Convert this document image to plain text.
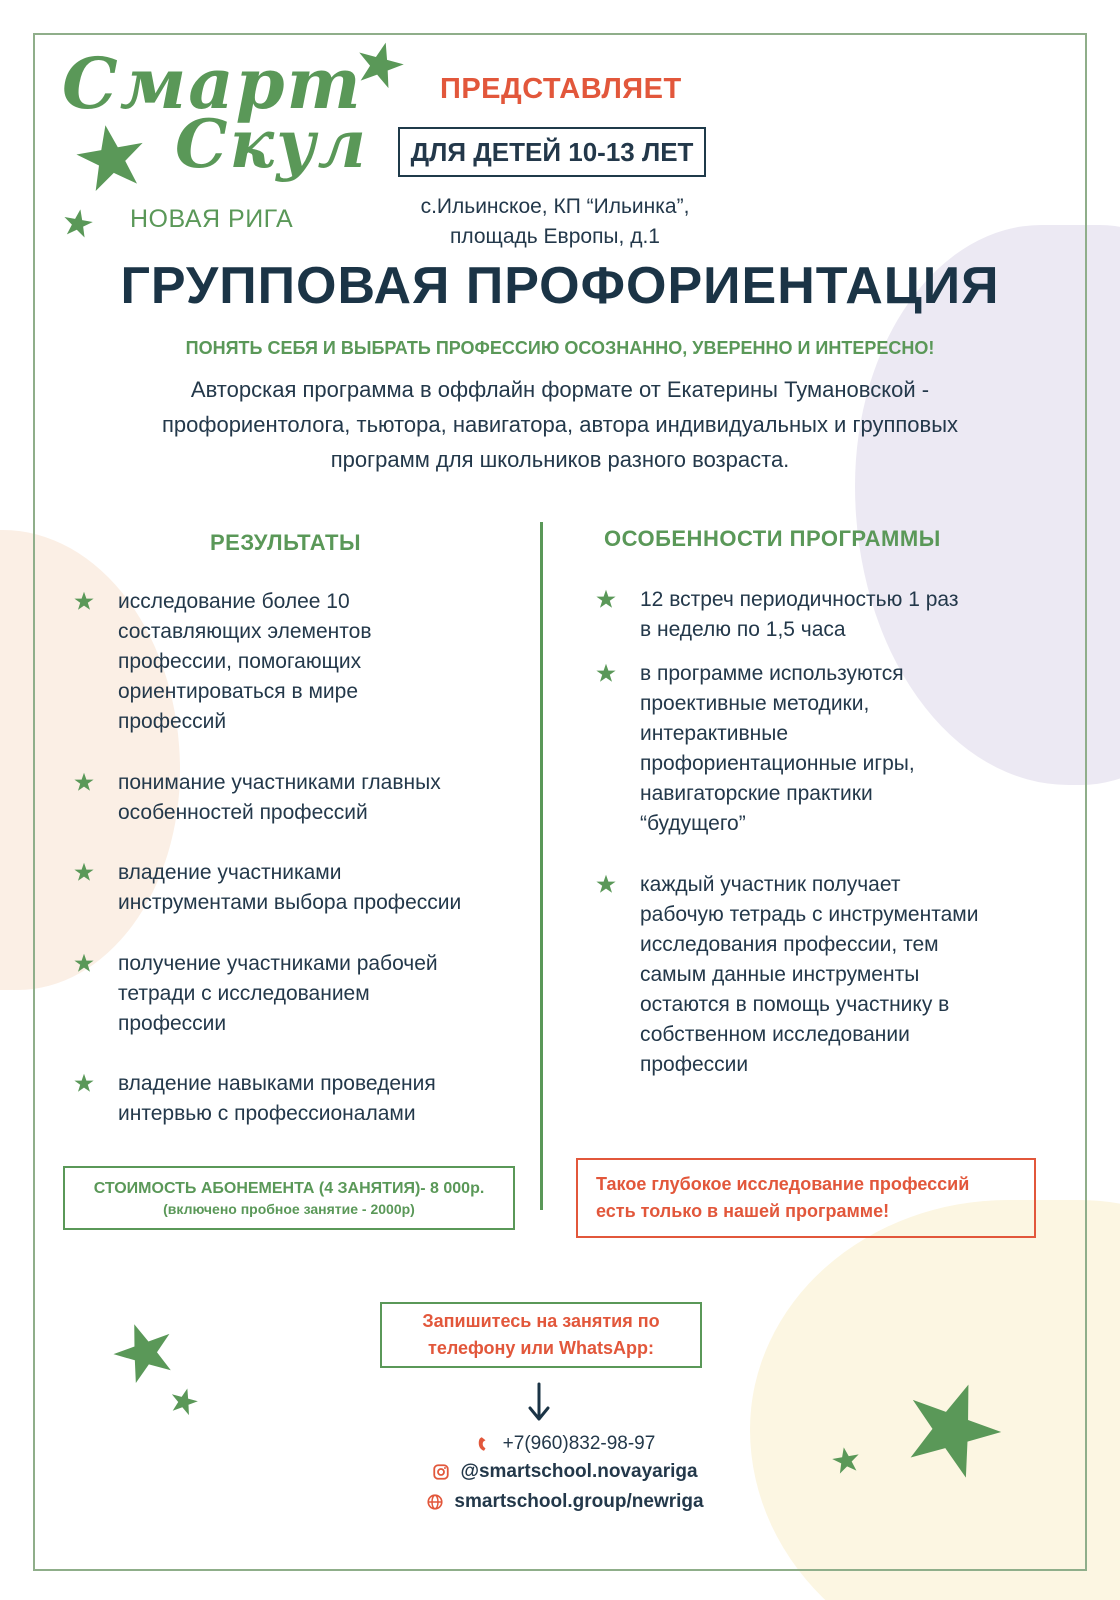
Смарт
Скул
НОВАЯ РИГА
ПРЕДСТАВЛЯЕТ
ДЛЯ ДЕТЕЙ 10-13 ЛЕТ
с.Ильинское, КП “Ильинка”,
площадь Европы, д.1
ГРУППОВАЯ ПРОФОРИЕНТАЦИЯ
ПОНЯТЬ СЕБЯ И ВЫБРАТЬ ПРОФЕССИЮ ОСОЗНАННО, УВЕРЕННО И ИНТЕРЕСНО!
Авторская программа в оффлайн формате от Екатерины Тумановской -
профориентолога, тьютора, навигатора, автора индивидуальных и групповых
программ для школьников разного возраста.
РЕЗУЛЬТАТЫ	ОСОБЕННОСТИ ПРОГРАММЫ
исследование более 10
составляющих элементов
профессии, помогающих
ориентироваться в мире
профессий
понимание участниками главных
особенностей профессий
владение участниками
инструментами выбора профессии
получение участниками рабочей
тетради с исследованием
профессии
владение навыками проведения
интервью с профессионалами
12 встреч периодичностью 1 раз
в неделю по 1,5 часа
в программе используются
проективные методики,
интерактивные
профориентационные игры,
навигаторские практики
“будущего”
каждый участник получает
рабочую тетрадь с инструментами
исследования профессии, тем
самым данные инструменты
остаются в помощь участнику в
собственном исследовании
профессии
СТОИМОСТЬ АБОНЕМЕНТА (4 ЗАНЯТИЯ)- 8 000р.
(включено пробное занятие - 2000р)
Такое глубокое исследование профессий
есть только в нашей программе!
Запишитесь на занятия по
телефону или WhatsApp:
+7(960)832-98-97
@smartschool.novayariga
smartschool.group/newriga
